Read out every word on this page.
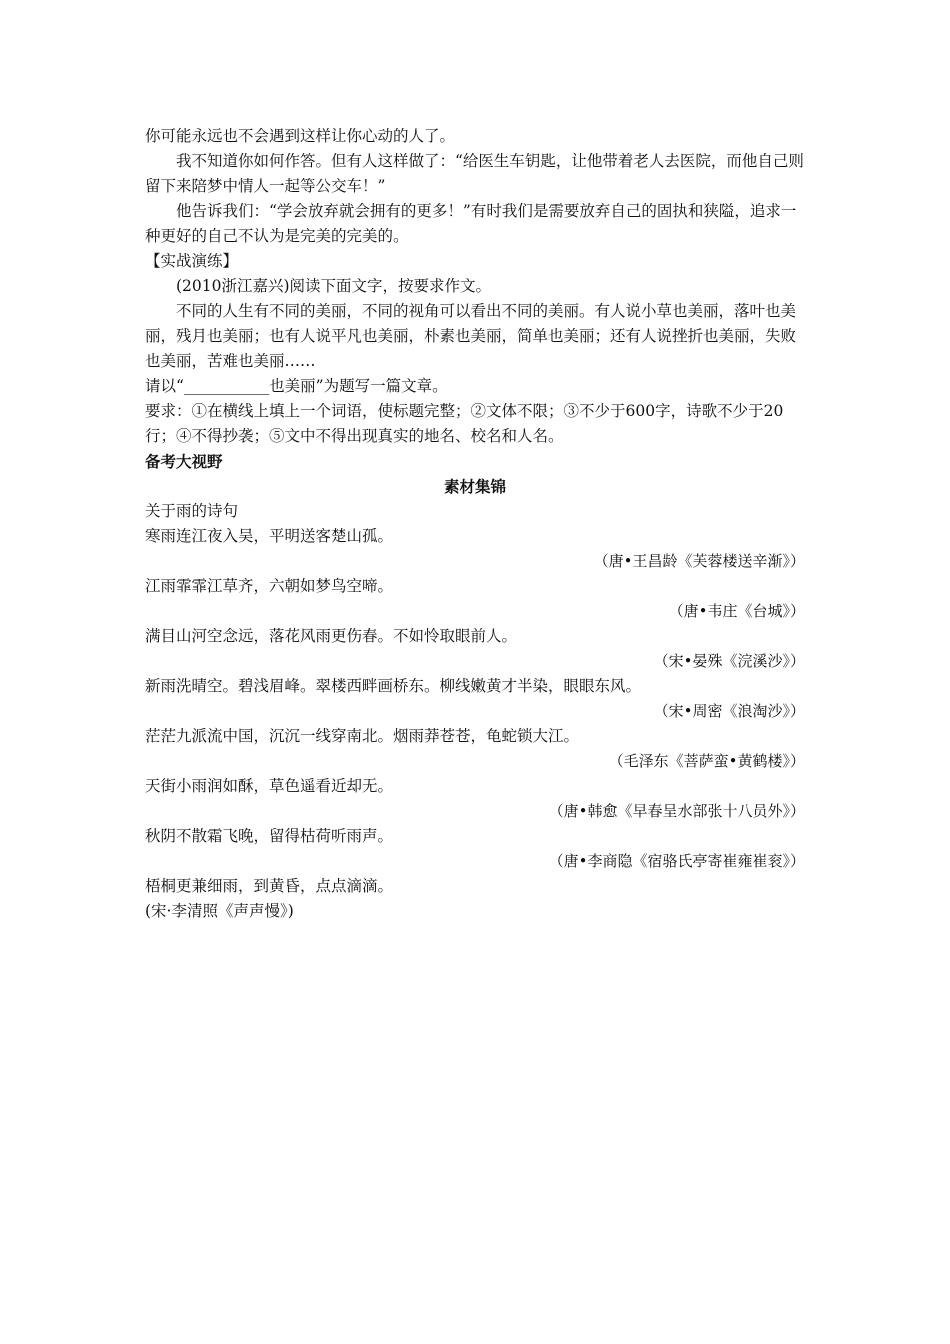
你可能永远也不会遇到这样让你心动的人了。

我不知道你如何作答。但有人这样做了：“给医生车钥匙，让他带着老人去医院，而他自己则留下来陪梦中情人一起等公交车！”

他告诉我们：“学会放弃就会拥有的更多！”有时我们是需要放弃自己的固执和狭隘，追求一种更好的自己不认为是完美的完美的。

【实战演练】

(2010浙江嘉兴)阅读下面文字，按要求作文。

不同的人生有不同的美丽，不同的视角可以看出不同的美丽。有人说小草也美丽，落叶也美丽，残月也美丽；也有人说平凡也美丽，朴素也美丽，简单也美丽；还有人说挫折也美丽，失败也美丽，苦难也美丽……

请以“___________也美丽”为题写一篇文章。

要求：①在横线上填上一个词语，使标题完整；②文体不限；③不少于600字，诗歌不少于20行；④不得抄袭；⑤文中不得出现真实的地名、校名和人名。

备考大视野

素材集锦

关于雨的诗句

寒雨连江夜入吴，平明送客楚山孤。

（唐•王昌龄《芙蓉楼送辛渐》）

江雨霏霏江草齐，六朝如梦鸟空啼。

（唐•韦庄《台城》）

满目山河空念远，落花风雨更伤春。不如怜取眼前人。

（宋•晏殊《浣溪沙》）

新雨洗晴空。碧浅眉峰。翠楼西畔画桥东。柳线嫩黄才半染，眼眼东风。

（宋•周密《浪淘沙》）

茫茫九派流中国，沉沉一线穿南北。烟雨莽苍苍，龟蛇锁大江。

（毛泽东《菩萨蛮•黄鹤楼》）

天街小雨润如酥，草色遥看近却无。

（唐•韩愈《早春呈水部张十八员外》）

秋阴不散霜飞晚，留得枯荷听雨声。

（唐•李商隐《宿骆氏亭寄崔雍崔衮》）

梧桐更兼细雨，到黄昏，点点滴滴。

(宋·李清照《声声慢》)
